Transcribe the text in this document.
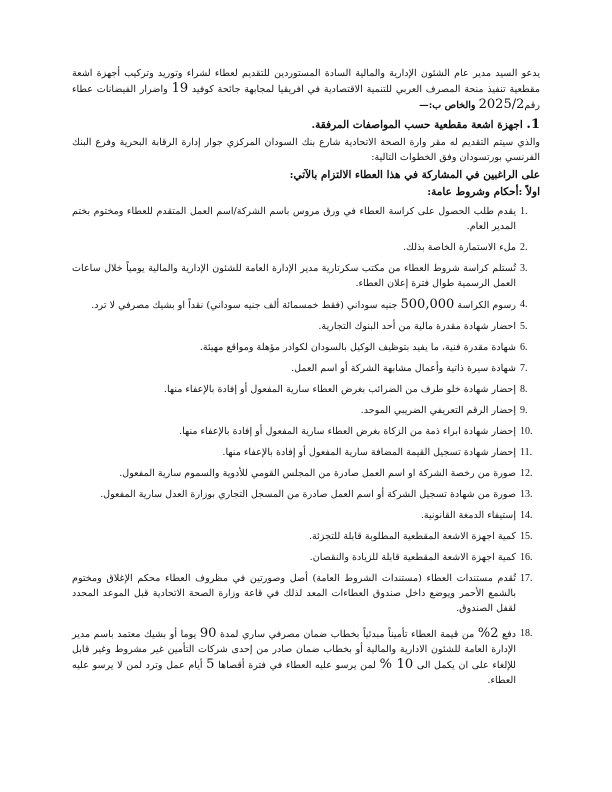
يدعو السيد مدير عام الشئون الإدارية والمالية السادة المستوردين للتقديم لعطاء لشراء وتوريد وتركيب أجهزة اشعة مقطعية تنفيذ منحة المصرف العربي للتنمية الاقتصادية في افريقيا لمجابهة جائحة كوفيد 19 واضرار الفيضانات عطاء رقم2025/2 والخاص ب:—

1. اجهزة اشعة مقطعية حسب المواصفات المرفقة.

والذي سيتم التقديم له مقر وارة الصحة الاتحادية شارع بنك السودان المركزي جوار إدارة الرقابة البحرية وفرع البنك الفرنسي بورتسودان وفق الخطوات التالية:

على الراغبين في المشاركة في هذا العطاء الالتزام بالآتي:

اولاً :أحكام وشروط عامة:

1.
يقدم طلب الحصول على كراسة العطاء في ورق مروس باسم الشركة/اسم العمل المتقدم للعطاء ومختوم بختم المدير العام.
2.
ملء الاستمارة الخاصة بذلك.
3.
تُستلم كراسة شروط العطاء من مكتب سكرتارية مدير الإدارة العامة للشئون الإدارية والمالية يومياً خلال ساعات العمل الرسمية طوال فترة إعلان العطاء.
4.
رسوم الكراسة 500,000 جنيه سوداني (فقط خمسمائة ألف جنيه سوداني) نقداً او بشيك مصرفي لا ترد.
5.
احضار شهادة مقدرة مالية من أحد البنوك التجارية.
6.
شهادة مقدرة فنية، ما يفيد بتوظيف الوكيل بالسودان لكوادر مؤهلة ومواقع مهيئة.
7.
شهادة سيرة ذاتية وأعمال مشابهة الشركة أو اسم العمل.
8.
إحضار شهادة خلو طرف من الضرائب بغرض العطاء سارية المفعول أو إفادة بالإعفاء منها.
9.
إحضار الرقم التعريفي الضريبي الموحد.
10.
إحضار شهادة ابراء ذمة من الزكاة بغرض العطاء سارية المفعول أو إفادة بالإعفاء منها.
11.
إحضار شهادة تسجيل القيمة المضافة سارية المفعول أو إفادة بالإعفاء منها.
12.
صورة من رخصة الشركة او اسم العمل صادرة من المجلس القومي للأدوية والسموم سارية المفعول.
13.
صورة من شهادة تسجيل الشركة أو اسم العمل صادرة من المسجل التجاري بوزارة العدل سارية المفعول.
14.
إستيفاء الدمغة القانونية.
15.
كمية اجهزة الاشعة المقطعية المطلوبة قابلة للتجزئة.
16.
كمية اجهزة الاشعة المقطعية قابلة للزيادة والنقصان.
17.
تُقدم مستندات العطاء (مستندات الشروط العامة) أصل وصورتين في مظروف العطاء محكم الإغلاق ومختوم بالشمع الأحمر ويوضع داخل صندوق العطاءات المعد لذلك في قاعة وزارة الصحة الاتحادية قبل الموعد المحدد لقفل الصندوق.
18.
دفع 2% من قيمة العطاء تأميناً مبدئياً بخطاب ضمان مصرفي ساري لمدة 90 يوما أو بشيك معتمد باسم مدير الإدارة العامة للشئون الادارية والمالية أو بخطاب ضمان صادر من إحدى شركات التأمين غير مشروط وغير قابل للإلغاء على ان يكمل الى 10 % لمن يرسو عليه العطاء في فترة أقصاها 5 أيام عمل وترد لمن لا يرسو عليه العطاء.
